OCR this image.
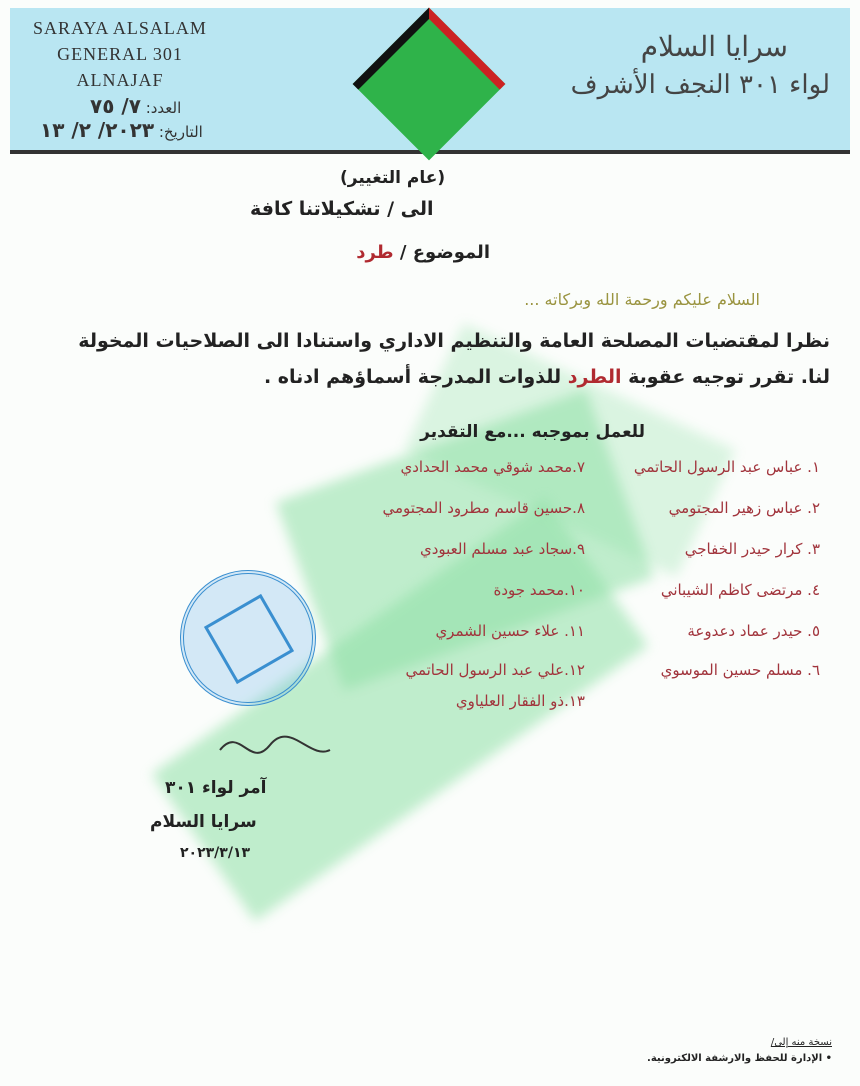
SARAYA ALSALAM
GENERAL 301
ALNAJAF
العدد: ٧/ ٧٥
التاريخ: ٢٠٢٣/ ٢/ ١٣
سرايا السلام
لواء ٣٠١ النجف الأشرف
(عام التغيير)
الى / تشكيلاتنا كافة
الموضوع / طرد
السلام عليكم ورحمة الله وبركاته ...
نظرا لمقتضيات المصلحة العامة والتنظيم الاداري واستنادا الى الصلاحيات المخولة
لنا. تقرر توجيه عقوبة الطرد للذوات المدرجة أسماؤهم ادناه .
للعمل بموجبه ...مع التقدير
١. عباس عبد الرسول الحاتمي
٢. عباس زهير المجتومي
٣. كرار حيدر الخفاجي
٤. مرتضى كاظم الشيباني
٥. حيدر عماد دعدوعة
٦. مسلم حسين الموسوي
٧.محمد شوقي محمد الحدادي
٨.حسين قاسم مطرود المجتومي
٩.سجاد عبد مسلم العبودي
١٠.محمد جودة
١١. علاء حسين الشمري
١٢.علي عبد الرسول الحاتمي
١٣.ذو الفقار العلياوي
آمر لواء ٣٠١
سرايا السلام
٢٠٢٣/٣/١٣
نسخة منه إلى/
• الإدارة للحفظ والارشفة الالكترونية.
